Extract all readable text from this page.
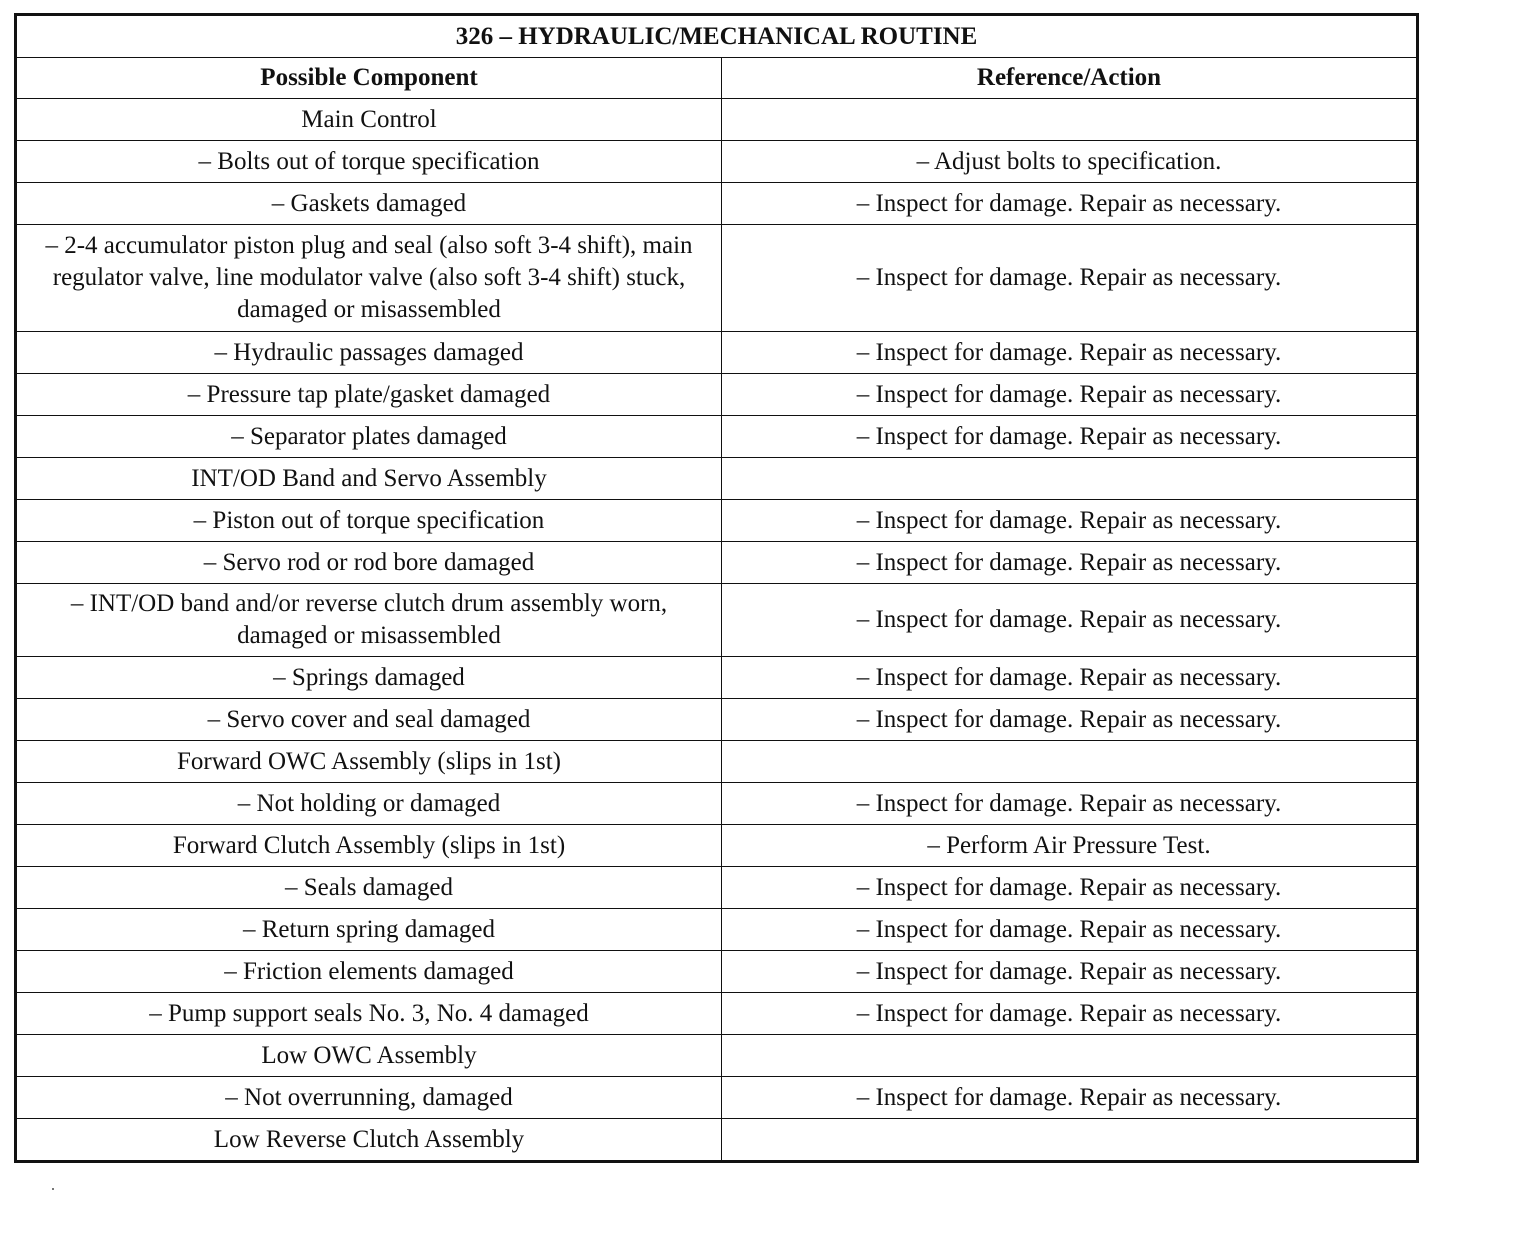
326 – HYDRAULIC/MECHANICAL ROUTINE	
Possible Component	Reference/Action
Main Control	
– Bolts out of torque specification	– Adjust bolts to specification.
– Gaskets damaged	– Inspect for damage. Repair as necessary.
– 2-4 accumulator piston plug and seal (also soft 3-4 shift), main regulator valve, line modulator valve (also soft 3-4 shift) stuck, damaged or misassembled	– Inspect for damage. Repair as necessary.
– Hydraulic passages damaged	– Inspect for damage. Repair as necessary.
– Pressure tap plate/gasket damaged	– Inspect for damage. Repair as necessary.
– Separator plates damaged	– Inspect for damage. Repair as necessary.
INT/OD Band and Servo Assembly	
– Piston out of torque specification	– Inspect for damage. Repair as necessary.
– Servo rod or rod bore damaged	– Inspect for damage. Repair as necessary.
– INT/OD band and/or reverse clutch drum assembly worn, damaged or misassembled	– Inspect for damage. Repair as necessary.
– Springs damaged	– Inspect for damage. Repair as necessary.
– Servo cover and seal damaged	– Inspect for damage. Repair as necessary.
Forward OWC Assembly (slips in 1st)	
– Not holding or damaged	– Inspect for damage. Repair as necessary.
Forward Clutch Assembly (slips in 1st)	– Perform Air Pressure Test.
– Seals damaged	– Inspect for damage. Repair as necessary.
– Return spring damaged	– Inspect for damage. Repair as necessary.
– Friction elements damaged	– Inspect for damage. Repair as necessary.
– Pump support seals No. 3, No. 4 damaged	– Inspect for damage. Repair as necessary.
Low OWC Assembly	
– Not overrunning, damaged	– Inspect for damage. Repair as necessary.
Low Reverse Clutch Assembly	
